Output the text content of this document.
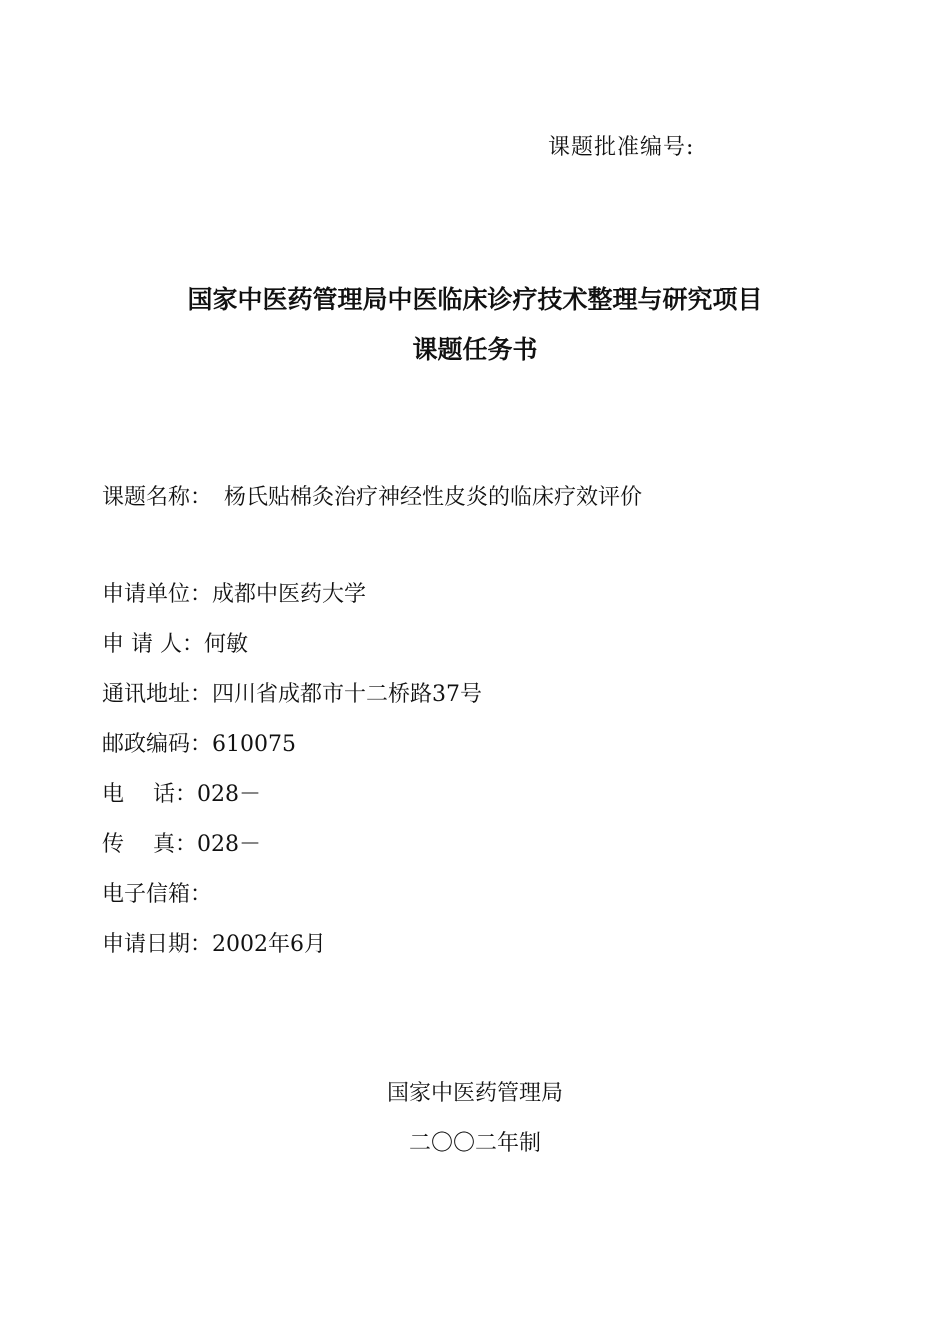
课题批准编号:
国家中医药管理局中医临床诊疗技术整理与研究项目
课题任务书
课题名称： 杨氏贴棉灸治疗神经性皮炎的临床疗效评价
申请单位：成都中医药大学
申 请 人：何敏
通讯地址：四川省成都市十二桥路37号
邮政编码：610075
电　 话：028－
传　 真：028－
电子信箱：
申请日期：2002年6月
国家中医药管理局
二〇〇二年制
